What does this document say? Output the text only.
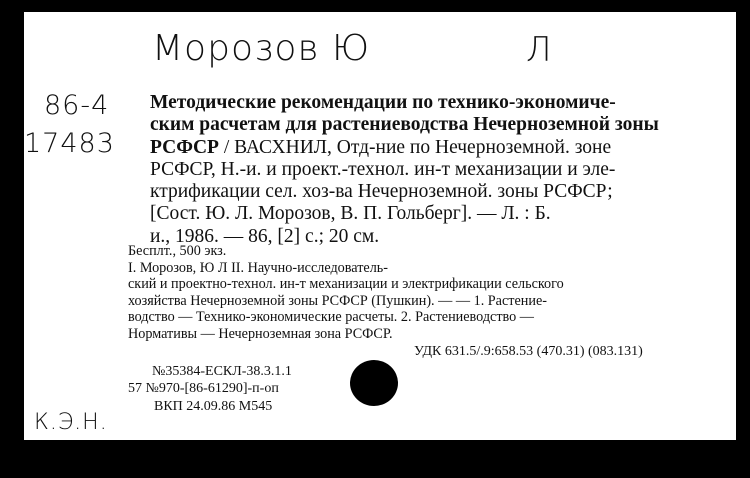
Морозов Ю	Л
86-4
17483
Методические рекомендации по технико-экономиче-
ским расчетам для растениеводства Нечерноземной зоны
РСФСР / ВАСХНИЛ, Отд-ние по Нечерноземной. зоне
РСФСР, Н.-и. и проект.-технол. ин-т механизации и эле-
ктрификации сел. хоз-ва Нечерноземной. зоны РСФСР;
[Сост. Ю. Л. Морозов, В. П. Гольберг]. — Л. : Б.
и., 1986. — 86, [2] с.; 20 см.
Бесплт., 500 экз.
I. Морозов, Ю Л II. Научно-исследователь-
ский и проектно-технол. ин-т механизации и электрификации сельского
хозяйства Нечерноземной зоны РСФСР (Пушкин). — — 1. Растение-
водство — Технико-экономические расчеты. 2. Растениеводство —
Нормативы — Нечерноземная зона РСФСР.
УДК 631.5/.9:658.53 (470.31) (083.131)
№35384-ЕСКЛ-38.3.1.1
57 №970-[86-61290]-п-оп
ВКП 24.09.86 M545
К.Э.Н.
